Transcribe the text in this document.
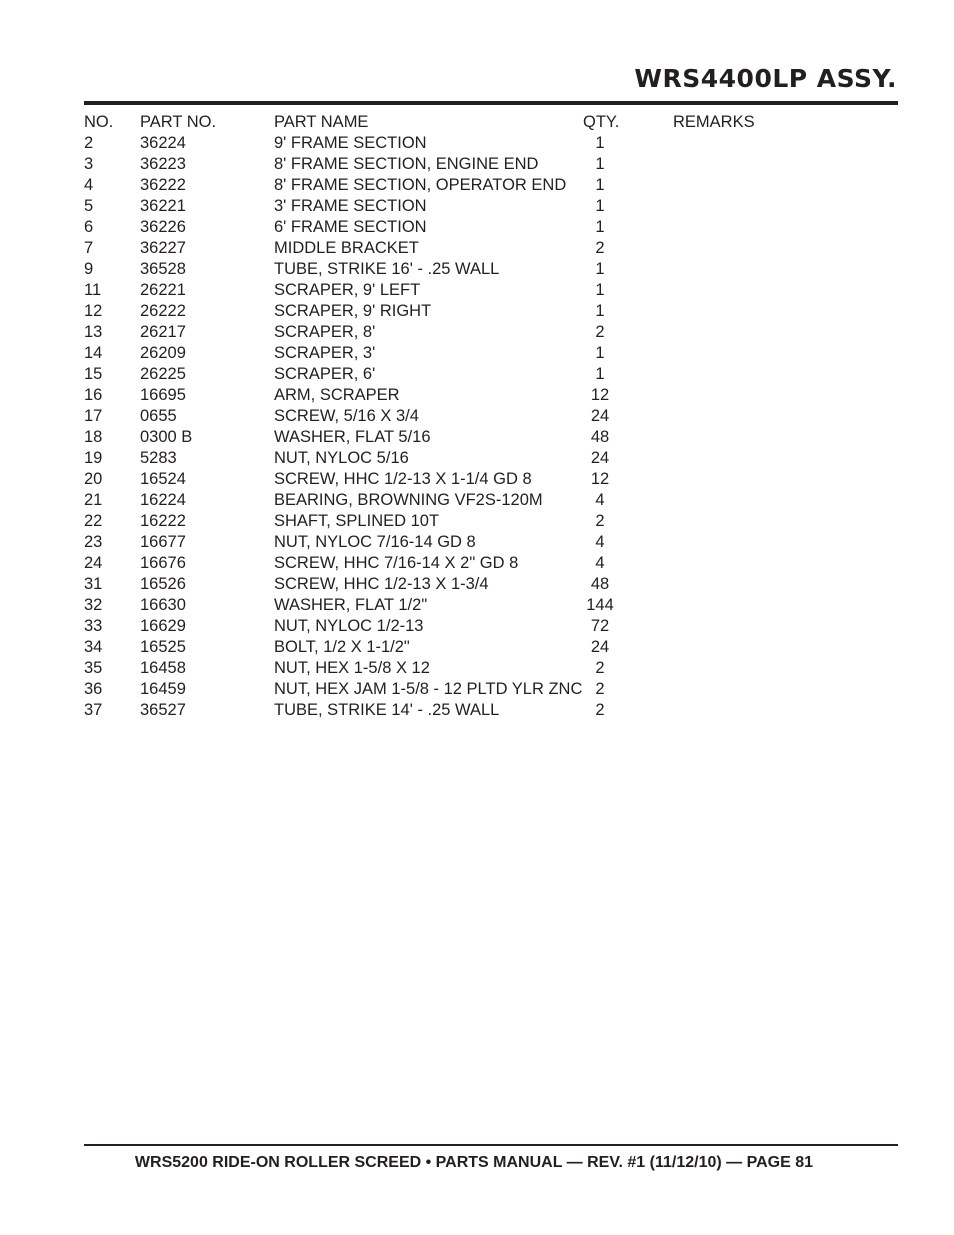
WRS4400LP ASSY.
NO. PART NO.	PART NAME	QTY.	REMARKS
2	36224	9' FRAME SECTION	1
3	36223	8' FRAME SECTION, ENGINE END	1
4	36222	8' FRAME SECTION, OPERATOR END	1
5	36221	3' FRAME SECTION	1
6	36226	6' FRAME SECTION	1
7	36227	MIDDLE BRACKET	2
9	36528	TUBE, STRIKE 16' - .25 WALL	1
11 26221	SCRAPER, 9' LEFT	1
12 26222	SCRAPER, 9' RIGHT	1
13 26217	SCRAPER, 8'	2
14 26209	SCRAPER, 3'	1
15 26225	SCRAPER, 6'	1
16 16695	ARM, SCRAPER	12
17 0655	SCREW, 5/16 X 3/4	24
18 0300 B	WASHER, FLAT 5/16	48
19 5283	NUT, NYLOC 5/16	24
20 16524	SCREW, HHC 1/2-13 X 1-1/4 GD 8	12
21 16224	BEARING, BROWNING VF2S-120M	4
22 16222	SHAFT, SPLINED 10T	2
23 16677	NUT, NYLOC 7/16-14 GD 8	4
24 16676	SCREW, HHC 7/16-14 X 2" GD 8	4
31 16526	SCREW, HHC 1/2-13 X 1-3/4	48
32 16630	WASHER, FLAT 1/2"	144
33 16629	NUT, NYLOC 1/2-13	72
34 16525	BOLT, 1/2 X 1-1/2"	24
35 16458	NUT, HEX 1-5/8 X 12	2
36 16459	NUT, HEX JAM 1-5/8 - 12 PLTD YLR ZNC 2
37 36527	TUBE, STRIKE 14' - .25 WALL	2
WRS5200 RIDE-ON ROLLER SCREED • PARTS MANUAL — REV. #1 (11/12/10) — PAGE 81
